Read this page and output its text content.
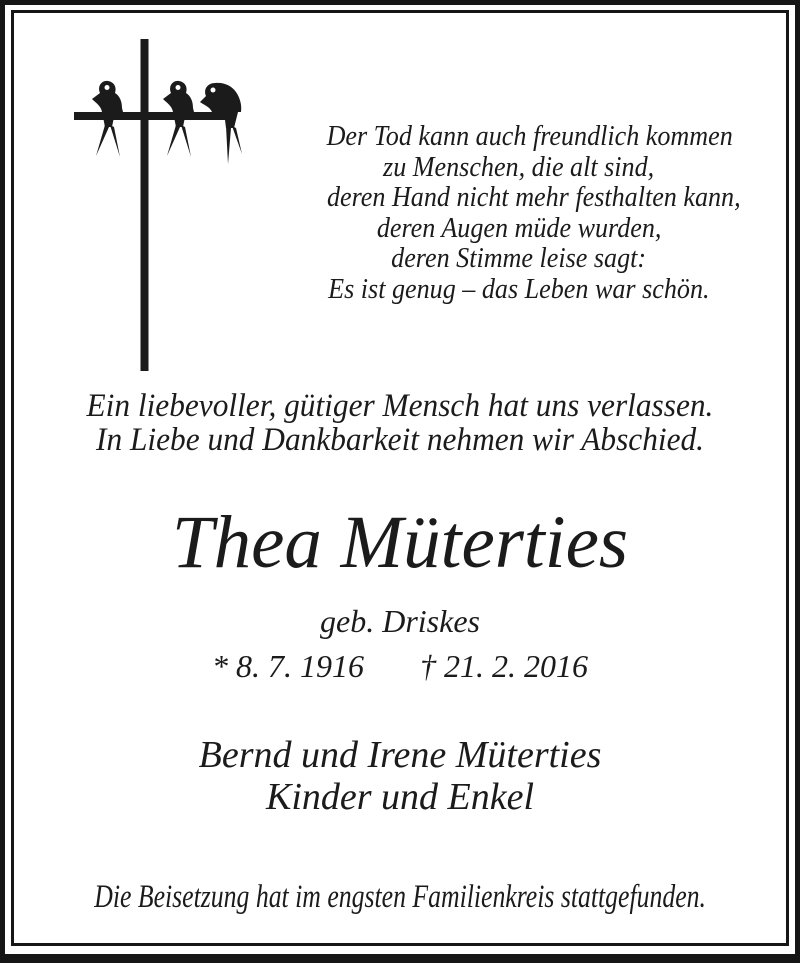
Der Tod kann auch freundlich kommen
zu Menschen, die alt sind,
deren Hand nicht mehr festhalten kann,
deren Augen müde wurden,
deren Stimme leise sagt:
Es ist genug – das Leben war schön.
Ein liebevoller, gütiger Mensch hat uns verlassen.
In Liebe und Dankbarkeit nehmen wir Abschied.
Thea Müterties
geb. Driskes
* 8. 7. 1916 † 21. 2. 2016
Bernd und Irene Müterties
Kinder und Enkel
Die Beisetzung hat im engsten Familienkreis stattgefunden.
